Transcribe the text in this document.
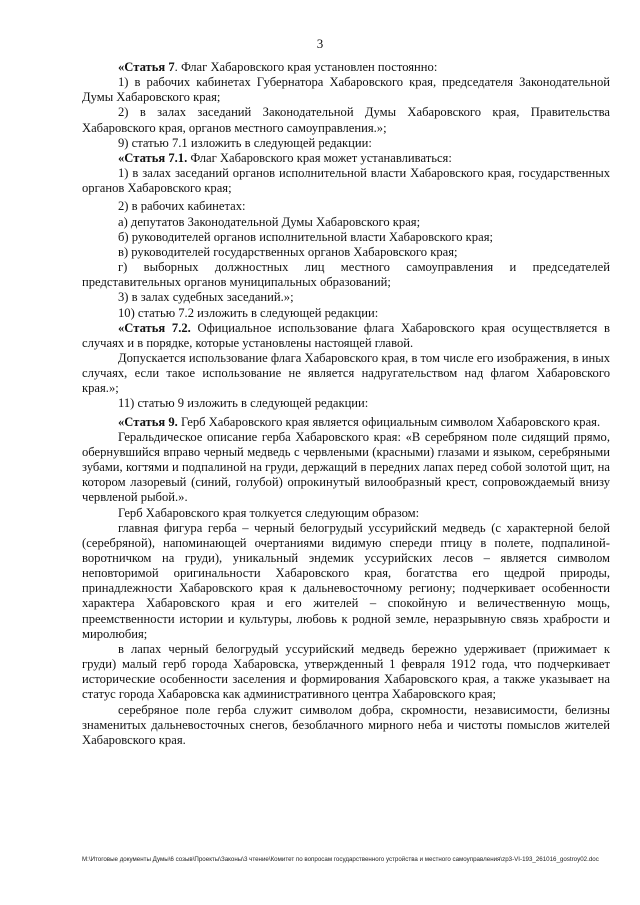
3

«Статья 7. Флаг Хабаровского края установлен постоянно:

1) в рабочих кабинетах Губернатора Хабаровского края, председателя Законодательной Думы Хабаровского края;

2) в залах заседаний Законодательной Думы Хабаровского края, Правительства Хабаровского края, органов местного самоуправления.»;

9) статью 7.1 изложить в следующей редакции:

«Статья 7.1. Флаг Хабаровского края может устанавливаться:

1) в залах заседаний органов исполнительной власти Хабаровского края, государственных органов Хабаровского края;

2) в рабочих кабинетах:

а) депутатов Законодательной Думы Хабаровского края;

б) руководителей органов исполнительной власти Хабаровского края;

в) руководителей государственных органов Хабаровского края;

г) выборных должностных лиц местного самоуправления и председателей представительных органов муниципальных образований;

3) в залах судебных заседаний.»;

10) статью 7.2 изложить в следующей редакции:

«Статья 7.2. Официальное использование флага Хабаровского края осуществляется в случаях и в порядке, которые установлены настоящей главой.

Допускается использование флага Хабаровского края, в том числе его изображения, в иных случаях, если такое использование не является надругательством над флагом Хабаровского края.»;

11) статью 9 изложить в следующей редакции:

«Статья 9. Герб Хабаровского края является официальным символом Хабаровского края.

Геральдическое описание герба Хабаровского края: «В серебряном поле сидящий прямо, обернувшийся вправо черный медведь с червлеными (красными) глазами и языком, серебряными зубами, когтями и подпалиной на груди, держащий в передних лапах перед собой золотой щит, на котором лазоревый (синий, голубой) опрокинутый вилообразный крест, сопровождаемый внизу червленой рыбой.».

Герб Хабаровского края толкуется следующим образом:

главная фигура герба – черный белогрудый уссурийский медведь (с характерной белой (серебряной), напоминающей очертаниями видимую спереди птицу в полете, подпалиной-воротничком на груди), уникальный эндемик уссурийских лесов – является символом неповторимой оригинальности Хабаровского края, богатства его щедрой природы, принадлежности Хабаровского края к дальневосточному региону; подчеркивает особенности характера Хабаровского края и его жителей – спокойную и величественную мощь, преемственности истории и культуры, любовь к родной земле, неразрывную связь храбрости и миролюбия;

в лапах черный белогрудый уссурийский медведь бережно удерживает (прижимает к груди) малый герб города Хабаровска, утвержденный 1 февраля 1912 года, что подчеркивает исторические особенности заселения и формирования Хабаровского края, а также указывает на статус города Хабаровска как административного центра Хабаровского края;

серебряное поле герба служит символом добра, скромности, независимости, белизны знаменитых дальневосточных снегов, безоблачного мирного неба и чистоты помыслов жителей Хабаровского края.

M:\Итоговые документы Думы\6 созыв\Проекты\Законы\3 чтение\Комитет по вопросам государственного устройства и местного самоуправления\zp3-VI-193_261016_gostroy02.doc
